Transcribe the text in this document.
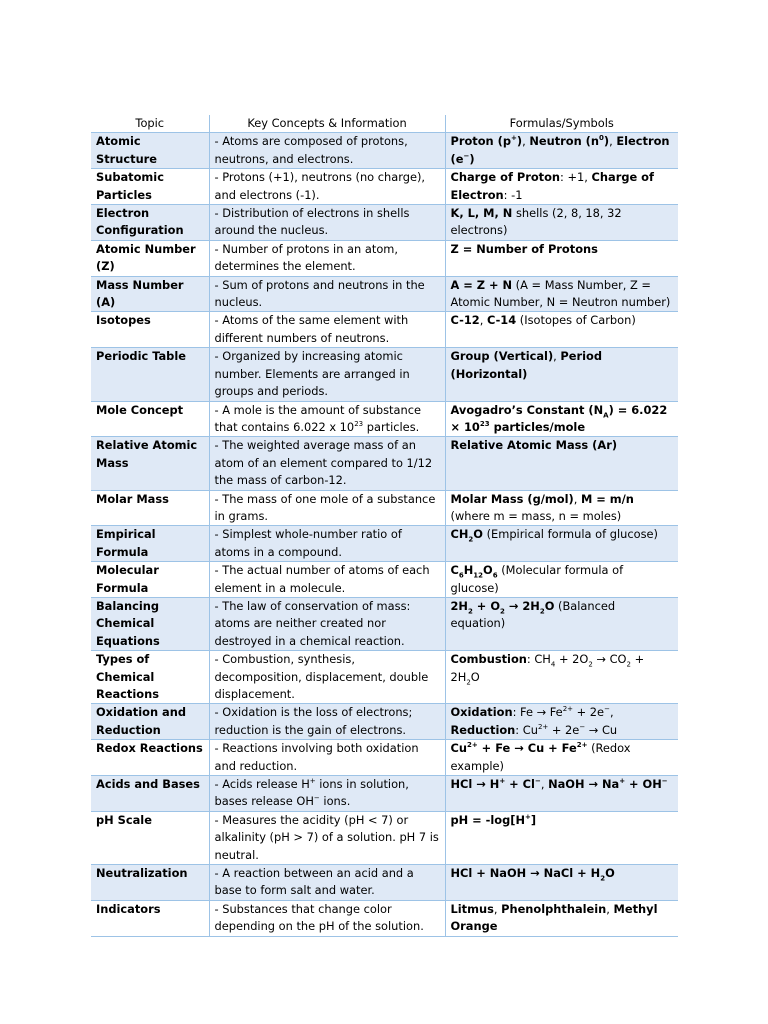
Topic	Key Concepts & Information	Formulas/Symbols
Atomic Structure	- Atoms are composed of protons, neutrons, and electrons.	Proton (p+), Neutron $(n^0)$, Electron (e−)
Subatomic Particles	- Protons (+1), neutrons (no charge), and electrons (-1).	Charge of Proton: +1, Charge of Electron: -1
Electron Configuration	- Distribution of electrons in shells around the nucleus.	K, L, M, N shells (2, 8, 18, 32 electrons)
Atomic Number (Z)	- Number of protons in an atom, determines the element.	Z = Number of Protons
Mass Number (A)	- Sum of protons and neutrons in the nucleus.	A = Z + N (A = Mass Number, Z = Atomic Number, N = Neutron number)
Isotopes	- Atoms of the same element with different numbers of neutrons.	C-12, C-14 (Isotopes of Carbon)
Periodic Table	- Organized by increasing atomic number. Elements are arranged in groups and periods.	Group (Vertical), Period (Horizontal)
Mole Concept	- A mole is the amount of substance that contains 6.022 x $10^{23}$ particles.	Avogadro’s Constant $(N_A) = 6.022 \times 10^{23}$ particles/mole
Relative Atomic Mass	- The weighted average mass of an atom of an element compared to 1/12 the mass of carbon-12.	Relative Atomic Mass (Ar)
Molar Mass	- The mass of one mole of a substance in grams.	Molar Mass (g/mol), M = m/n (where m = mass, n = moles)
Empirical Formula	- Simplest whole-number ratio of atoms in a compound.	$CH_2O$ (Empirical formula of glucose)
Molecular Formula	- The actual number of atoms of each element in a molecule.	$C_6H_{12}O_6$ (Molecular formula of glucose)
Balancing Chemical Equations	- The law of conservation of mass: atoms are neither created nor destroyed in a chemical reaction.	$2H_2 + O_2 \to 2H_2O$ (Balanced equation)
Types of Chemical Reactions	- Combustion, synthesis, decomposition, displacement, double displacement.	Combustion: $CH_4 + 2O_2 \to CO_2 + 2H_2O$
Oxidation and Reduction	- Oxidation is the loss of electrons; reduction is the gain of electrons.	Oxidation: $Fe \to Fe^{2+} + 2e^-$, Reduction: $Cu^{2+} + 2e^- \to Cu$
Redox Reactions	- Reactions involving both oxidation and reduction.	$Cu^{2+} + Fe \to Cu + Fe^{2+}$ (Redox example)
Acids and Bases	- Acids release H+ ions in solution, bases release OH− ions.	HCl → H+ + Cl−, NaOH → Na+ + OH−
pH Scale	- Measures the acidity (pH < 7) or alkalinity (pH > 7) of a solution. pH 7 is neutral.	pH = -log[H+]
Neutralization	- A reaction between an acid and a base to form salt and water.	HCl + NaOH → NaCl + $H_2O$
Indicators	- Substances that change color depending on the pH of the solution.	Litmus, Phenolphthalein, Methyl Orange
